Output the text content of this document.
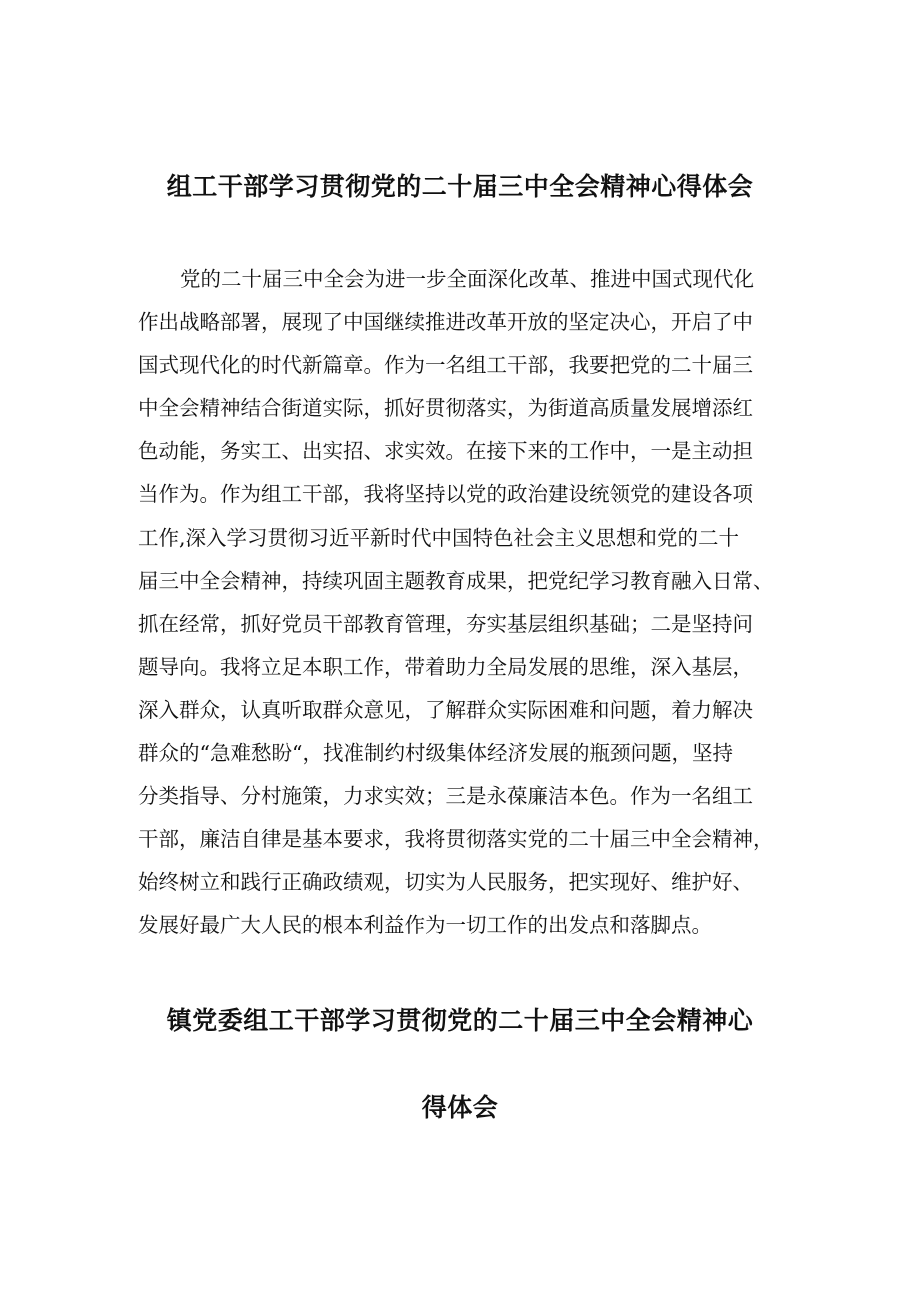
组工干部学习贯彻党的二十届三中全会精神心得体会
党的二十届三中全会为进一步全面深化改革、推进中国式现代化
作出战略部署，展现了中国继续推进改革开放的坚定决心，开启了中
国式现代化的时代新篇章。作为一名组工干部，我要把党的二十届三
中全会精神结合街道实际，抓好贯彻落实，为街道高质量发展增添红
色动能，务实工、出实招、求实效。在接下来的工作中，一是主动担
当作为。作为组工干部，我将坚持以党的政治建设统领党的建设各项
工作,深入学习贯彻习近平新时代中国特色社会主义思想和党的二十
届三中全会精神，持续巩固主题教育成果，把党纪学习教育融入日常、
抓在经常，抓好党员干部教育管理，夯实基层组织基础；二是坚持问
题导向。我将立足本职工作，带着助力全局发展的思维，深入基层，
深入群众，认真听取群众意见，了解群众实际困难和问题，着力解决
群众的“急难愁盼“，找准制约村级集体经济发展的瓶颈问题，坚持
分类指导、分村施策，力求实效；三是永葆廉洁本色。作为一名组工
干部，廉洁自律是基本要求，我将贯彻落实党的二十届三中全会精神，
始终树立和践行正确政绩观，切实为人民服务，把实现好、维护好、
发展好最广大人民的根本利益作为一切工作的出发点和落脚点。
镇党委组工干部学习贯彻党的二十届三中全会精神心
得体会
